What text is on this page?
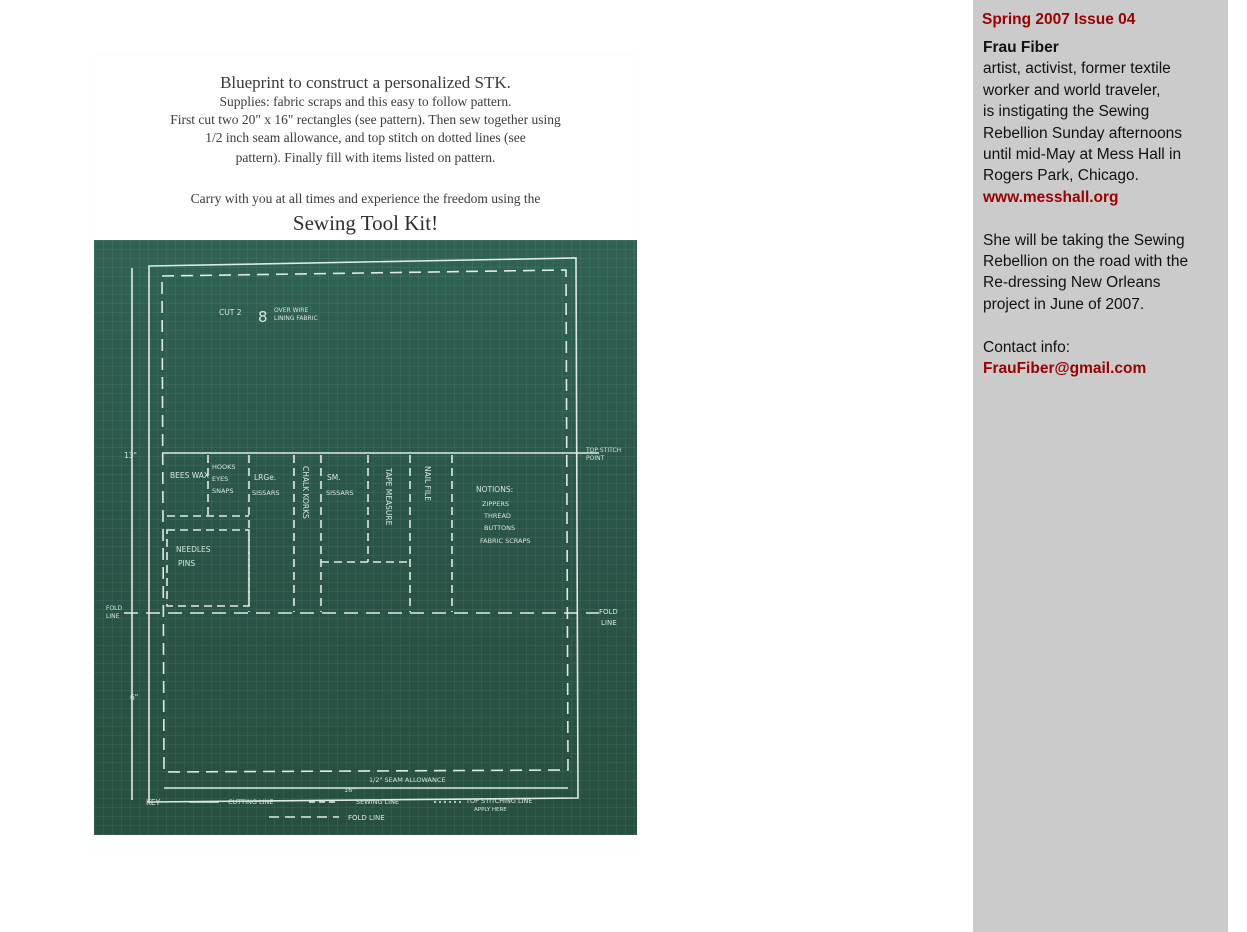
Blueprint to construct a personalized STK.
Supplies: fabric scraps and this easy to follow pattern.
First cut two 20" x 16" rectangles (see pattern). Then sew together using
1/2 inch seam allowance, and top stitch on dotted lines (see
pattern). Finally fill with items listed on pattern.
Carry with you at all times and experience the freedom using the
Sewing Tool Kit!
CUT 2 8 OVER WIRE
LINING FABRIC
BEES WAX
HOOKS
EYES
SNAPS
LRGe.
SISSARS	CHALK KORKS SM.
SISSARS	TAPE MEASURE	NAIL FILE	NOTIONS:
ZIPPERS
THREAD
BUTTONS
FABRIC SCRAPS
NEEDLES
PINS
13"
6"
16"
TOP STITCH
POINT
FOLD
LINE
FOLD
LINE
1/2" SEAM ALLOWANCE
KEY	CUTTING LINE	SEWING LINE	TOP STITCHING LINE
APPLY HERE
FOLD LINE
Spring 2007 Issue 04
Frau Fiber
artist, activist, former textile
worker and world traveler,
is instigating the Sewing
Rebellion Sunday afternoons
until mid-May at Mess Hall in
Rogers Park, Chicago.
www.messhall.org
She will be taking the Sewing
Rebellion on the road with the
Re-dressing New Orleans
project in June of 2007.
Contact info:
FrauFiber@gmail.com
